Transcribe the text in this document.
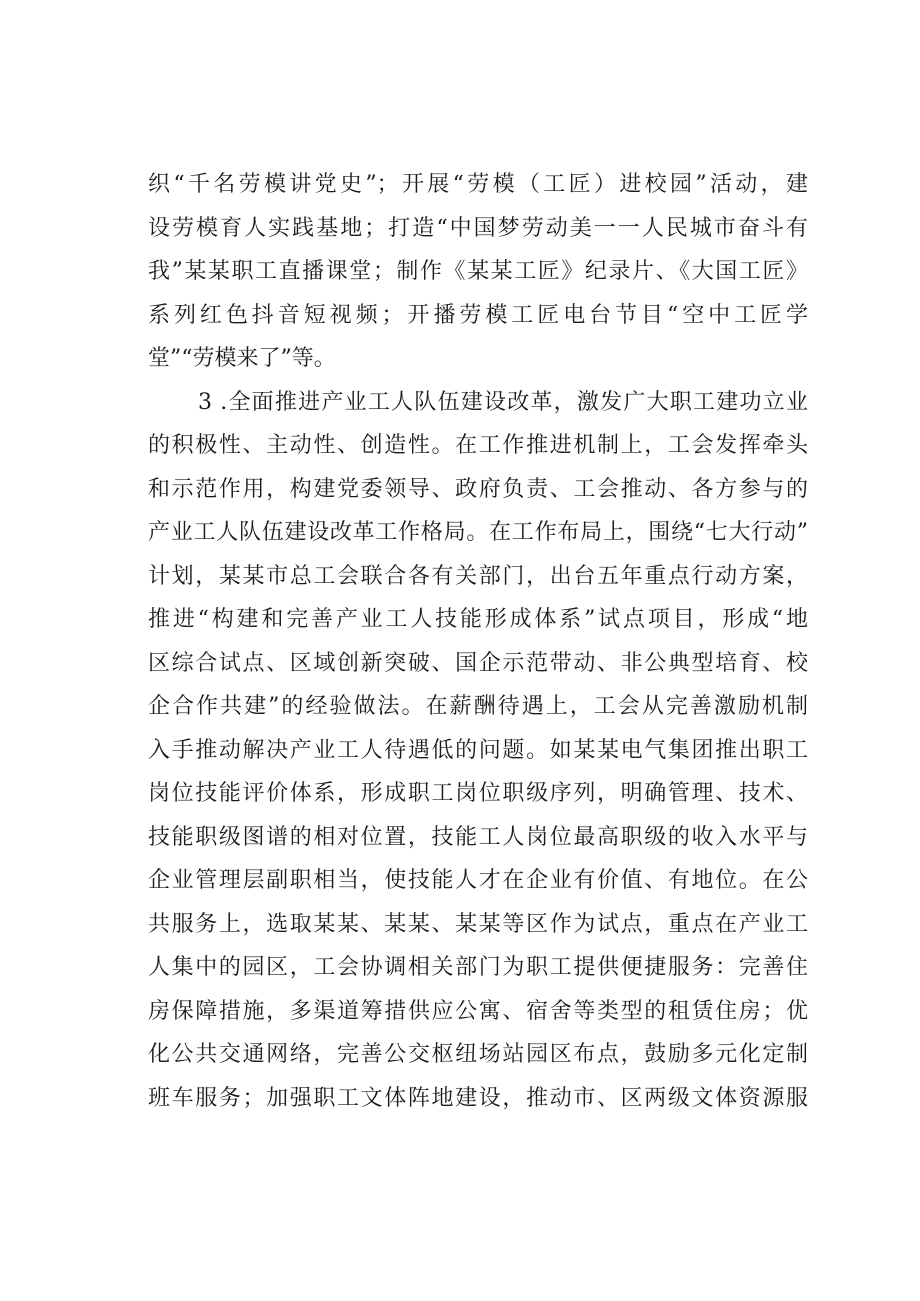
织“千名劳模讲党史”；开展“劳模（工匠）进校园”活动，建
设劳模育人实践基地；打造“中国梦劳动美一一人民城市奋斗有
我”某某职工直播课堂；制作《某某工匠》纪录片、《大国工匠》
系列红色抖音短视频；开播劳模工匠电台节目“空中工匠学
堂”“劳模来了”等。
3 .全面推进产业工人队伍建设改革，激发广大职工建功立业
的积极性、主动性、创造性。在工作推进机制上，工会发挥牵头
和示范作用，构建党委领导、政府负责、工会推动、各方参与的
产业工人队伍建设改革工作格局。在工作布局上，围绕“七大行动”
计划，某某市总工会联合各有关部门，出台五年重点行动方案，
推进“构建和完善产业工人技能形成体系”试点项目，形成“地
区综合试点、区域创新突破、国企示范带动、非公典型培育、校
企合作共建”的经验做法。在薪酬待遇上，工会从完善激励机制
入手推动解决产业工人待遇低的问题。如某某电气集团推出职工
岗位技能评价体系，形成职工岗位职级序列，明确管理、技术、
技能职级图谱的相对位置，技能工人岗位最高职级的收入水平与
企业管理层副职相当，使技能人才在企业有价值、有地位。在公
共服务上，选取某某、某某、某某等区作为试点，重点在产业工
人集中的园区，工会协调相关部门为职工提供便捷服务：完善住
房保障措施，多渠道筹措供应公寓、宿舍等类型的租赁住房；优
化公共交通网络，完善公交枢纽场站园区布点，鼓励多元化定制
班车服务；加强职工文体阵地建设，推动市、区两级文体资源服
